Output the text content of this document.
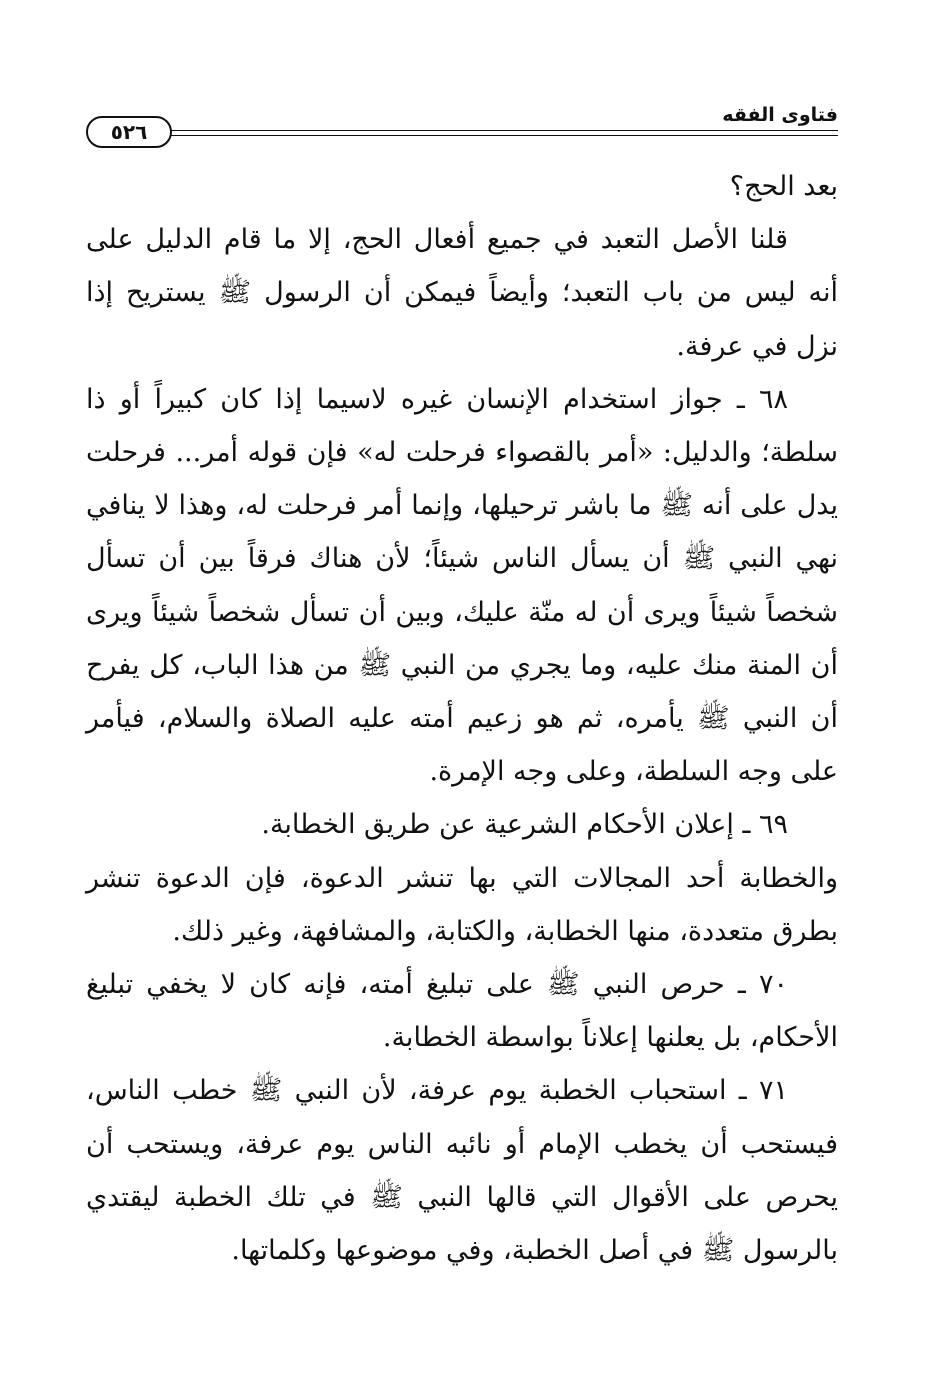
٥٢٦
فتاوى الفقه

بعد الحج؟

قلنا الأصل التعبد في جميع أفعال الحج، إلا ما قام الدليل على أنه ليس من باب التعبد؛ وأيضاً فيمكن أن الرسول ﷺ يستريح إذا نزل في عرفة.

٦٨ ـ جواز استخدام الإنسان غيره لاسيما إذا كان كبيراً أو ذا سلطة؛ والدليل: «أمر بالقصواء فرحلت له» فإن قوله أمر... فرحلت يدل على أنه ﷺ ما باشر ترحيلها، وإنما أمر فرحلت له، وهذا لا ينافي نهي النبي ﷺ أن يسأل الناس شيئاً؛ لأن هناك فرقاً بين أن تسأل شخصاً شيئاً ويرى أن له منّة عليك، وبين أن تسأل شخصاً شيئاً ويرى أن المنة منك عليه، وما يجري من النبي ﷺ من هذا الباب، كل يفرح أن النبي ﷺ يأمره، ثم هو زعيم أمته عليه الصلاة والسلام، فيأمر على وجه السلطة، وعلى وجه الإمرة.

٦٩ ـ إعلان الأحكام الشرعية عن طريق الخطابة.

والخطابة أحد المجالات التي بها تنشر الدعوة، فإن الدعوة تنشر بطرق متعددة، منها الخطابة، والكتابة، والمشافهة، وغير ذلك.

٧٠ ـ حرص النبي ﷺ على تبليغ أمته، فإنه كان لا يخفي تبليغ الأحكام، بل يعلنها إعلاناً بواسطة الخطابة.

٧١ ـ استحباب الخطبة يوم عرفة، لأن النبي ﷺ خطب الناس، فيستحب أن يخطب الإمام أو نائبه الناس يوم عرفة، ويستحب أن يحرص على الأقوال التي قالها النبي ﷺ في تلك الخطبة ليقتدي بالرسول ﷺ في أصل الخطبة، وفي موضوعها وكلماتها.
